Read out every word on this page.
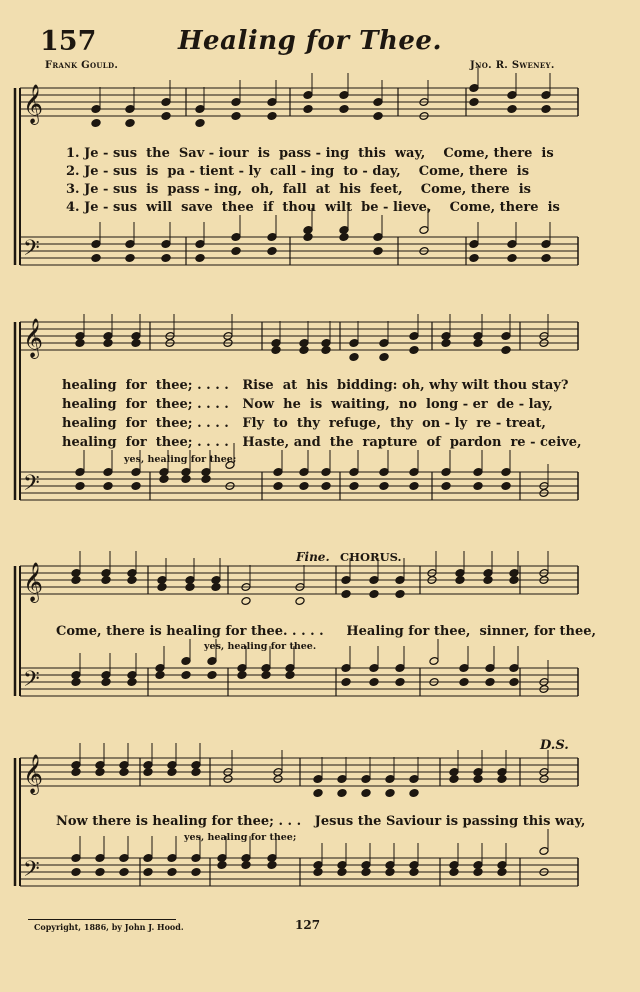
157	Healing for Thee.
Frank Gould.	Jno. R. Sweney.
𝄞
𝄢
𝄞
𝄢
𝄞
𝄢
𝄞
𝄢
1. Je - sus  the  Sav - iour  is  pass - ing  this  way,    Come, there  is
2. Je - sus  is  pa - tient - ly  call - ing  to - day,    Come, there  is
3. Je - sus  is  pass - ing,  oh,  fall  at  his  feet,    Come, there  is
4. Je - sus  will  save  thee  if  thou  wilt  be - lieve,    Come, there  is
healing  for  thee; . . . .   Rise  at  his  bidding: oh, why wilt thou stay?
healing  for  thee; . . . .   Now  he  is  waiting,  no  long - er  de - lay,
healing  for  thee; . . . .   Fly  to  thy  refuge,  thy  on - ly  re - treat,
healing  for  thee; . . . .   Haste, and  the  rapture  of  pardon  re - ceive,
yes, healing for thee;
Fine. CHORUS.
Come, there is healing for thee. . . . .     Healing for thee,  sinner, for thee,
yes, healing for thee.
D.S.
Now there is healing for thee; . . .   Jesus the Saviour is passing this way,
yes, healing for thee;
Copyright, 1886, by John J. Hood.	127
